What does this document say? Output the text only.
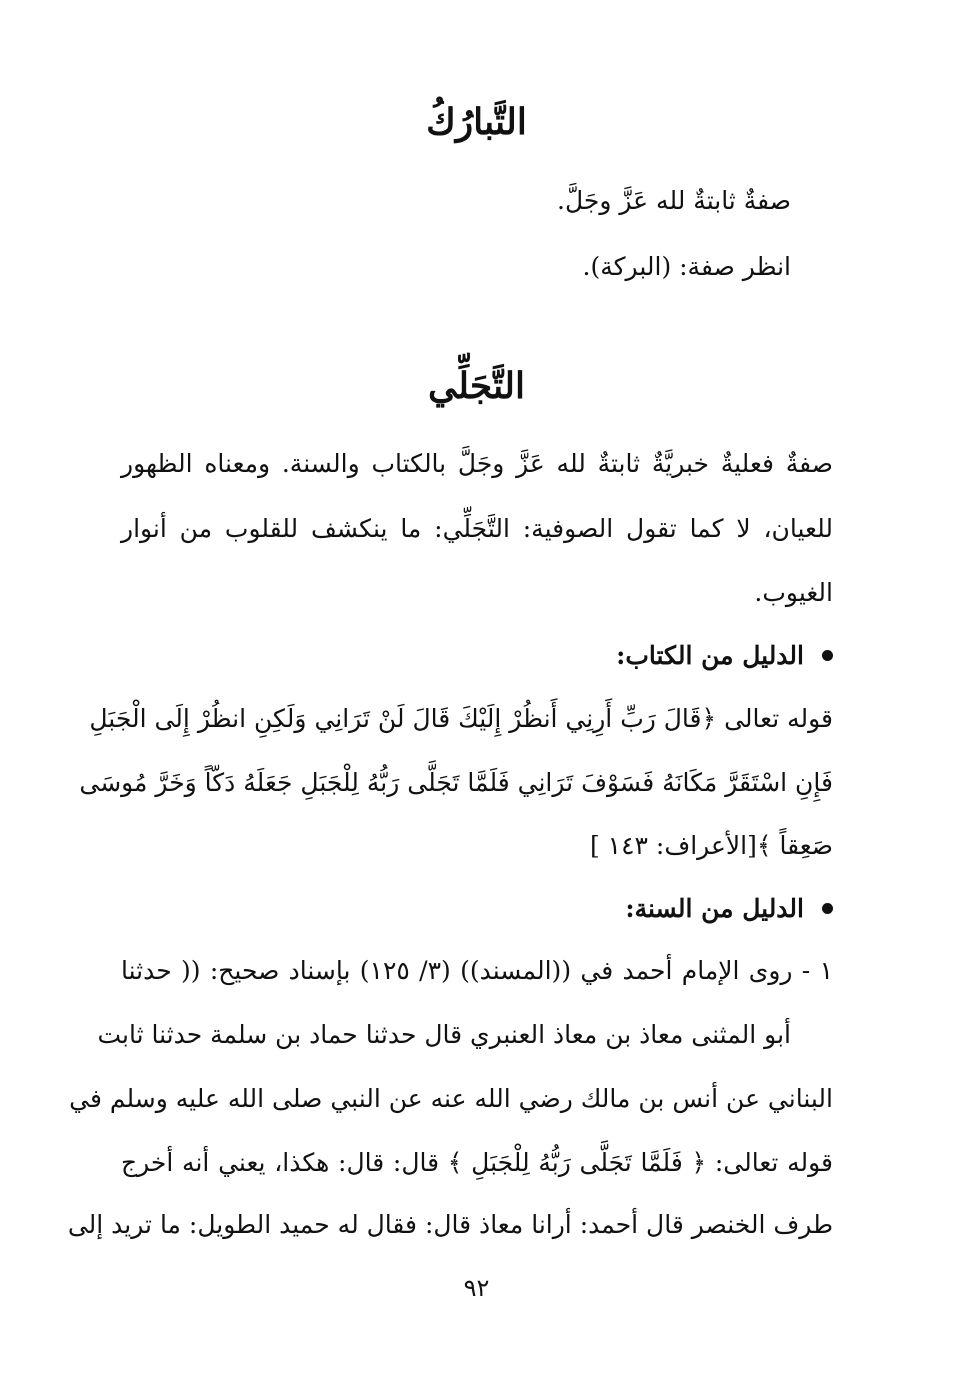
التَّبارُكُ
صفةٌ ثابتةٌ لله عَزَّ وجَلَّ.
انظر صفة: (البركة).
التَّجَلِّي
صفةٌ فعليةٌ خبريَّةٌ ثابتةٌ لله عَزَّ وجَلَّ بالكتاب والسنة. ومعناه الظهور
للعيان، لا كما تقول الصوفية: التَّجَلِّي: ما ينكشف للقلوب من أنوار
الغيوب.
الدليل من الكتاب:
قوله تعالى ﴿قَالَ رَبِّ أَرِنِي أَنظُرْ إِلَيْكَ قَالَ لَنْ تَرَانِي وَلَكِنِ انظُرْ إِلَى الْجَبَلِ
فَإِنِ اسْتَقَرَّ مَكَانَهُ فَسَوْفَ تَرَانِي فَلَمَّا تَجَلَّى رَبُّهُ لِلْجَبَلِ جَعَلَهُ دَكّاً وَخَرَّ مُوسَى
صَعِقاً ﴾[الأعراف: ١٤٣ ]
الدليل من السنة:
١ - روى الإمام أحمد في ((المسند)) (٣/ ١٢٥) بإسناد صحيح: (( حدثنا
أبو المثنى معاذ بن معاذ العنبري قال حدثنا حماد بن سلمة حدثنا ثابت
البناني عن أنس بن مالك رضي الله عنه عن النبي صلى الله عليه وسلم في
قوله تعالى: ﴿ فَلَمَّا تَجَلَّى رَبُّهُ لِلْجَبَلِ ﴾ قال: قال: هكذا، يعني أنه أخرج
طرف الخنصر قال أحمد: أرانا معاذ قال: فقال له حميد الطويل: ما تريد إلى
٩٢
